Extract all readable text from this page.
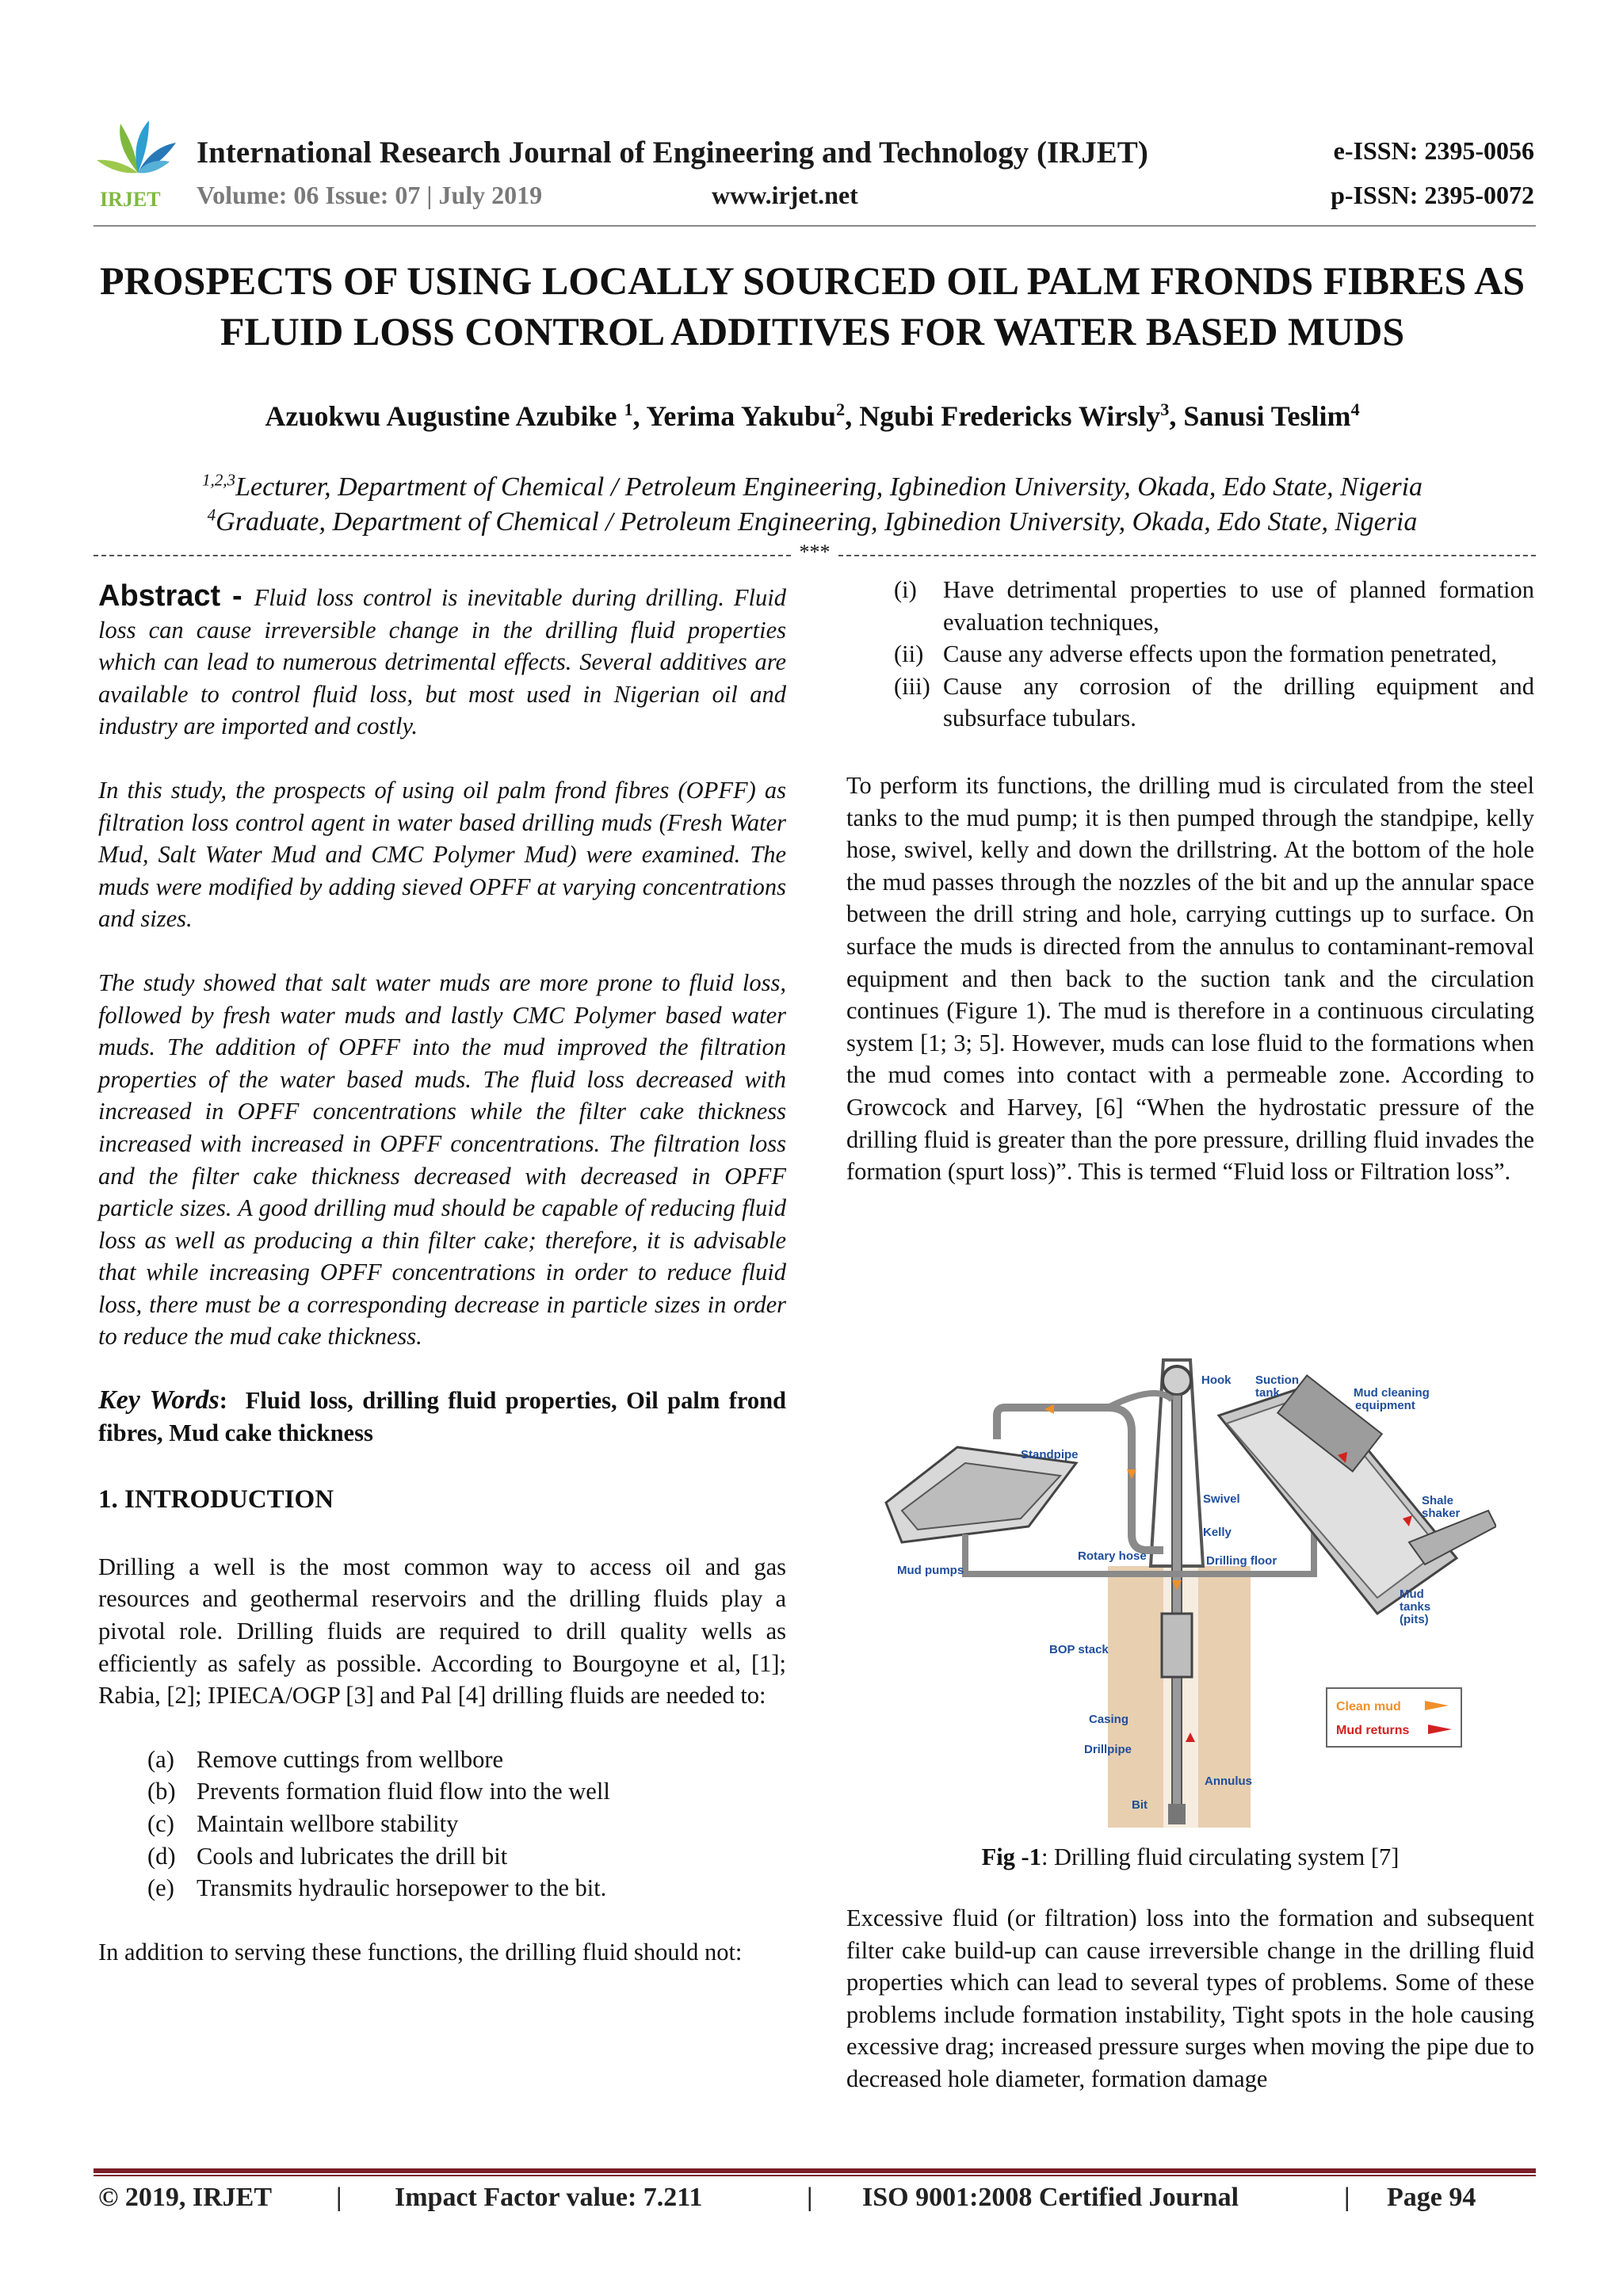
IRJET
International Research Journal of Engineering and Technology (IRJET)
Volume: 06 Issue: 07 | July 2019	www.irjet.net
e-ISSN: 2395-0056
p-ISSN: 2395-0072
PROSPECTS OF USING LOCALLY SOURCED OIL PALM FRONDS FIBRES AS
FLUID LOSS CONTROL ADDITIVES FOR WATER BASED MUDS
Azuokwu Augustine Azubike $^1$, Yerima Yakubu$^2$, Ngubi Fredericks Wirsly$^3$, Sanusi Teslim$^4$
$^{1,2,3}$Lecturer, Department of Chemical / Petroleum Engineering, Igbinedion University, Okada, Edo State, Nigeria
$^4$Graduate, Department of Chemical / Petroleum Engineering, Igbinedion University, Okada, Edo State, Nigeria
***

Abstract - Fluid loss control is inevitable during drilling. Fluid loss can cause irreversible change in the drilling fluid properties which can lead to numerous detrimental effects. Several additives are available to control fluid loss, but most used in Nigerian oil and industry are imported and costly.

In this study, the prospects of using oil palm frond fibres (OPFF) as filtration loss control agent in water based drilling muds (Fresh Water Mud, Salt Water Mud and CMC Polymer Mud) were examined. The muds were modified by adding sieved OPFF at varying concentrations and sizes.

The study showed that salt water muds are more prone to fluid loss, followed by fresh water muds and lastly CMC Polymer based water muds. The addition of OPFF into the mud improved the filtration properties of the water based muds. The fluid loss decreased with increased in OPFF concentrations while the filter cake thickness increased with increased in OPFF concentrations. The filtration loss and the filter cake thickness decreased with decreased in OPFF particle sizes. A good drilling mud should be capable of reducing fluid loss as well as producing a thin filter cake; therefore, it is advisable that while increasing OPFF concentrations in order to reduce fluid loss, there must be a corresponding decrease in particle sizes in order to reduce the mud cake thickness.

Key Words: Fluid loss, drilling fluid properties, Oil palm frond fibres, Mud cake thickness

1. INTRODUCTION

Drilling a well is the most common way to access oil and gas resources and geothermal reservoirs and the drilling fluids play a pivotal role. Drilling fluids are required to drill quality wells as efficiently as safely as possible. According to Bourgoyne et al, [1]; Rabia, [2]; IPIECA/OGP [3] and Pal [4] drilling fluids are needed to:

(a) Remove cuttings from wellbore
(b) Prevents formation fluid flow into the well
(c) Maintain wellbore stability
(d) Cools and lubricates the drill bit
(e) Transmits hydraulic horsepower to the bit.

In addition to serving these functions, the drilling fluid should not:

(i)	Have detrimental properties to use of planned formation evaluation techniques,
(ii) Cause any adverse effects upon the formation penetrated,
(iii) Cause any corrosion of the drilling equipment and subsurface tubulars.

To perform its functions, the drilling mud is circulated from the steel tanks to the mud pump; it is then pumped through the standpipe, kelly hose, swivel, kelly and down the drillstring. At the bottom of the hole the mud passes through the nozzles of the bit and up the annular space between the drill string and hole, carrying cuttings up to surface. On surface the muds is directed from the annulus to contaminant-removal equipment and then back to the suction tank and the circulation continues (Figure 1). The mud is therefore in a continuous circulating system [1; 3; 5]. However, muds can lose fluid to the formations when the mud comes into contact with a permeable zone. According to Growcock and Harvey, [6] “When the hydrostatic pressure of the drilling fluid is greater than the pore pressure, drilling fluid invades the formation (spurt loss)”. This is termed “Fluid loss or Filtration loss”.

Hook Suction
tank	Mud cleaning
equipment
Standpipe
Swivel	Shale
shaker
Kelly
Rotary hose	Drilling floor
Mud pumps
Mud
tanks
(pits)
BOP stack
Casing
Drillpipe
Annulus
Bit
Clean mud
Mud returns
Fig -1: Drilling fluid circulating system [7]

Excessive fluid (or filtration) loss into the formation and subsequent filter cake build-up can cause irreversible change in the drilling fluid properties which can lead to several types of problems. Some of these problems include formation instability, Tight spots in the hole causing excessive drag; increased pressure surges when moving the pipe due to decreased hole diameter, formation damage

© 2019, IRJET | Impact Factor value: 7.211	| ISO 9001:2008 Certified Journal	| Page 94
